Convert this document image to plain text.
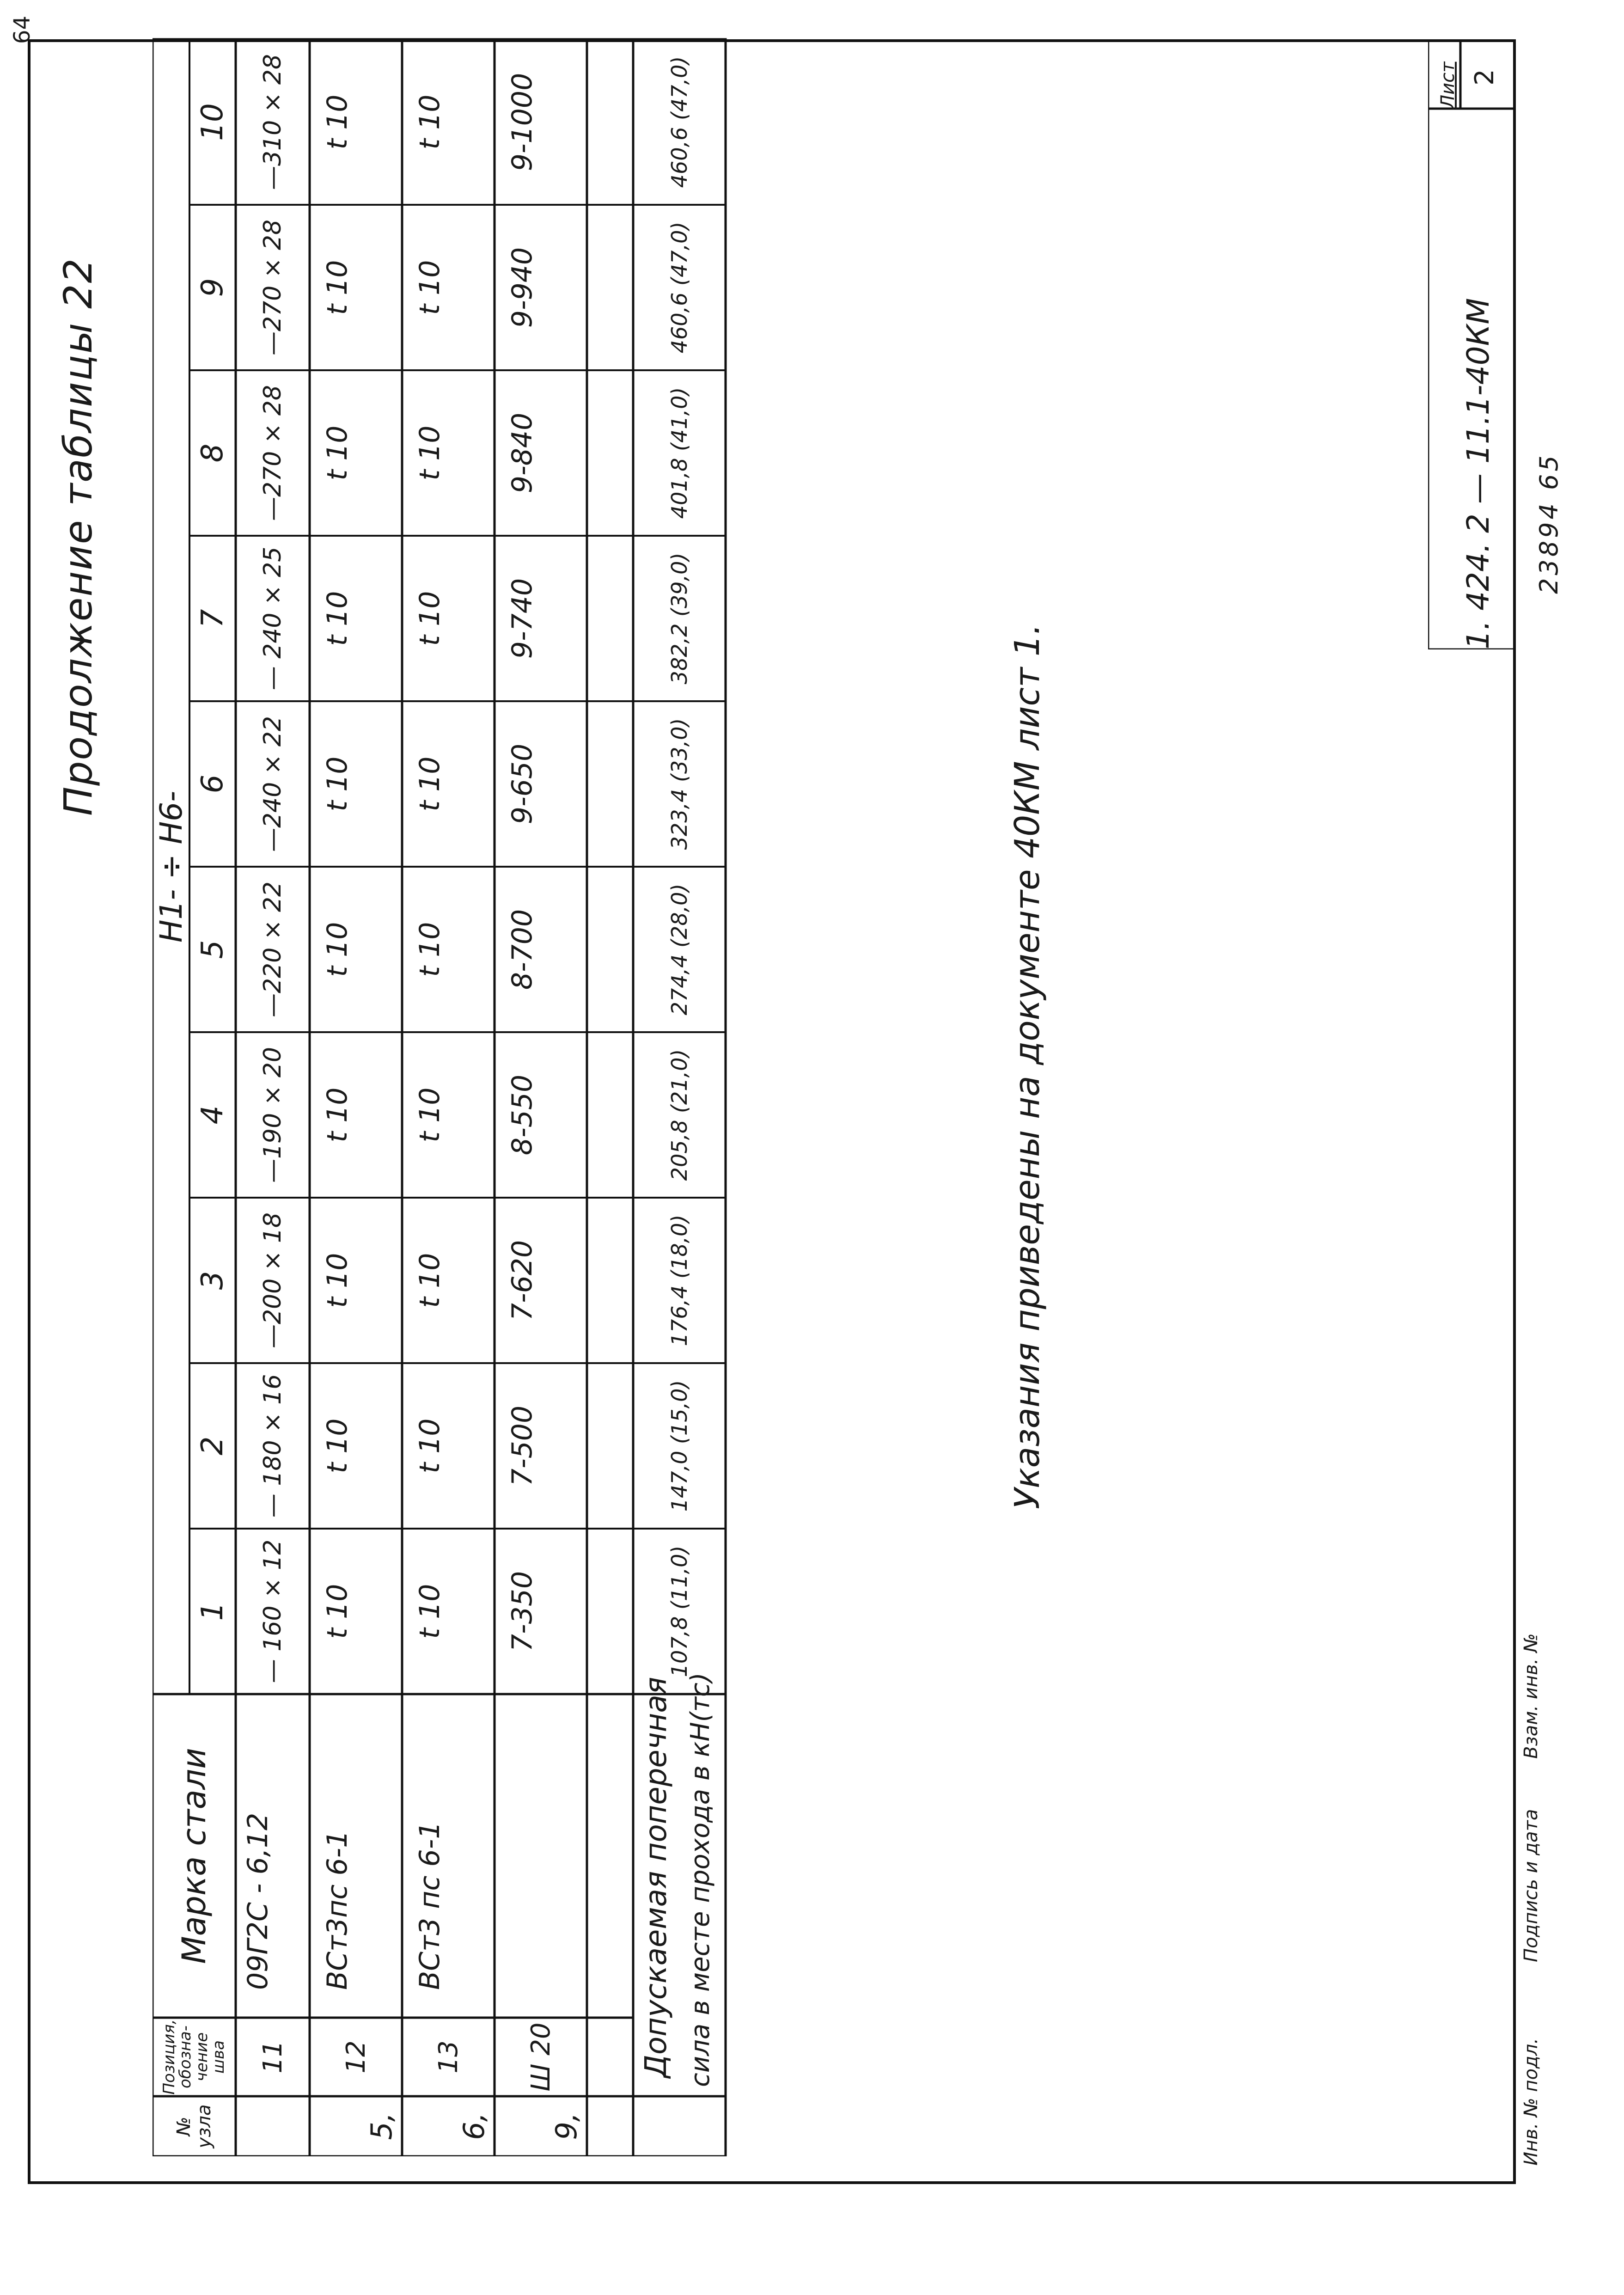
64
Продолжение таблицы 22
Н1- ÷ Н6-
№ узла
Позиция, обозна- чение шва
Марка стали
1
2
3
4
5
6
7
8
9
10
11
09Г2С - 6,12
— 160 × 12
— 180 × 16
—200 × 18
—190 × 20
—220 × 22
—240 × 22
— 240 × 25
—270 × 28
—270 × 28
—310 × 28
5,
12
ВСт3пс 6-1
t 10
t 10
t 10
t 10
t 10
t 10
t 10
t 10
t 10
t 10
6,
13
ВСт3 пс 6-1
t 10
t 10
t 10
t 10
t 10
t 10
t 10
t 10
t 10
t 10
9,
Ш 20
7-350
7-500
7-620
8-550
8-700
9-650
9-740
9-840
9-940
9-1000
Допускаемая поперечная сила в месте прохода в кН(тс)
107,8 (11,0)
147,0 (15,0)
176,4 (18,0)
205,8 (21,0)
274,4 (28,0)
323,4 (33,0)
382,2 (39,0)
401,8 (41,0)
460,6 (47,0)
460,6 (47,0)
Указания приведены на документе 40КМ лист 1.
1. 424. 2 — 11.1-40КМ
Лист 2
23894 65
Инв. № подл.
Подпись и дата
Взам. инв. №
